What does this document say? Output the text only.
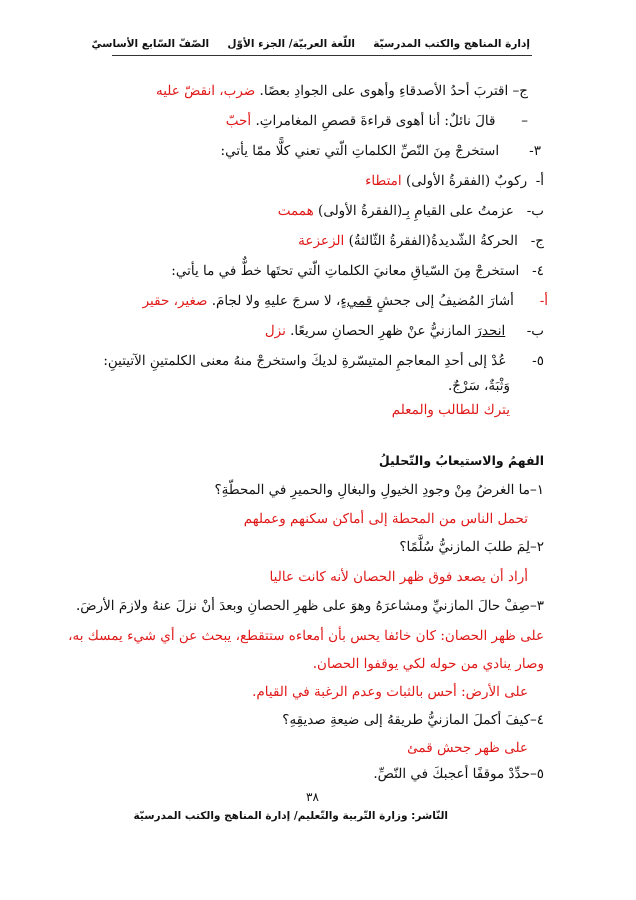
إدارة المناهج والكتب المدرسيّة     اللّغة العربيّة/ الجزء الأوّل     الصّفّ السّابع الأساسيّ
ج– اقتربَ أحدُ الأصدقاءِ وأهوى على الجوادِ بعصًا. ضرب، انقضّ عليه
–      قالَ نائلٌ: أنا أهوى قراءةَ قصصِ المغامراتِ. أحبّ
٣-       استخرجْ مِنَ النّصِّ الكلماتِ الّتي تعني كلًّا ممّا يأتي:
أ-  ركوبٌ (الفقرةُ الأولى) امتطاء
ب-   عزمتُ على القيامِ بِـ(الفقرةُ الأولى) هممت
ج-   الحركةُ الشّديدةُ(الفقرةُ الثّالثةُ) الزعزعة
٤-   استخرجْ مِنَ السّياقِ معانيَ الكلماتِ الّتي تحتَها خطٌّ في ما يأتي:
أ-      أشارَ المُضيفُ إلى جحشٍ قميءٍ، لا سرجَ عليهِ ولا لجامَ. صغير، حقير
ب-     انحدرَ المازنيُّ عنْ ظهرِ الحصانِ سريعًا. نزل
٥-      عُدْ إلى أحدِ المعاجمِ المتيسّرةِ لديكَ واستخرجْ منهُ معنى الكلمتينِ الآتيتينِ:
وَثْبَةٌ، سَرْجٌ.
يترك للطالب والمعلم
الفهمُ والاستيعابُ والتّحليلُ
١–ما الغرضُ مِنْ وجودِ الخيولِ والبغالِ والحميرِ في المحطّةِ؟
تحمل الناس من المحطة إلى أماكن سكنهم وعملهم
٢–لِمَ طلبَ المازنيُّ سُلَّمًا؟
أراد أن يصعد فوق ظهر الحصان لأنه كانت عاليا
٣–صِفْ حالَ المازنيِّ ومشاعرَهُ وهوَ على ظهرِ الحصانِ وبعدَ أنْ نزلَ عنهُ ولازمَ الأرضَ.
على ظهر الحصان: كان خائفا يحس بأن أمعاءه ستتقطع، يبحث عن أي شيء يمسك به،
وصار ينادي من حوله لكي يوقفوا الحصان.
على الأرض: أحس بالثبات وعدم الرغبة في القيام.
٤–كيفَ أكملَ المازنيُّ طريقهُ إلى ضيعةِ صديقِهِ؟
على ظهر جحش قمئ
٥–حدِّدْ موقفًا أعجبكَ في النّصِّ.
٣٨
النّاشر: وزارة التّربية والتّعليم/ إدارة المناهج والكتب المدرسيّة
